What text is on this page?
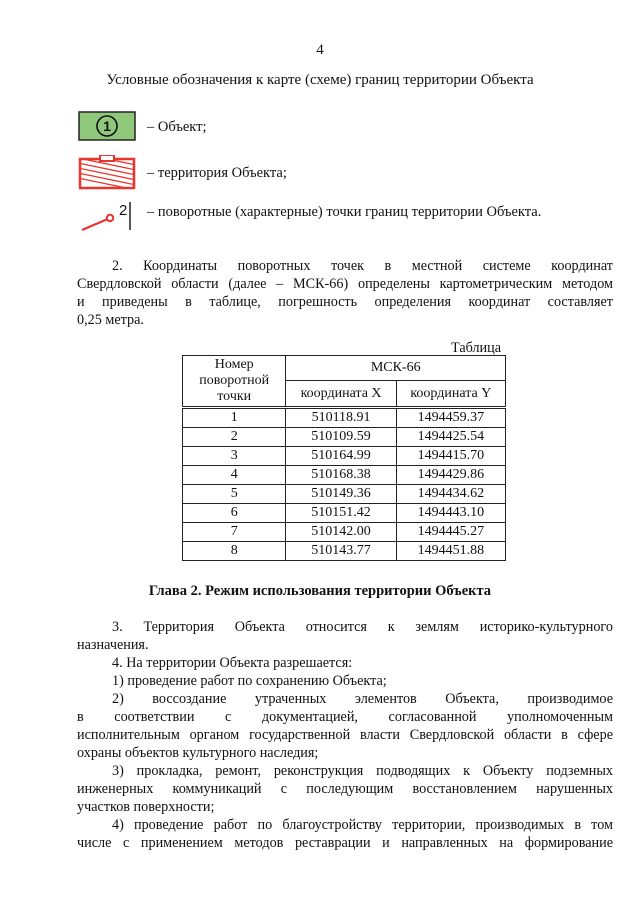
4
Условные обозначения к карте (схеме) границ территории Объекта
1 – Объект;
– территория Объекта;
2 – поворотные (характерные) точки границ территории Объекта.
2. Координаты поворотных точек в местной системе координат
Свердловской области (далее – МСК-66) определены картометрическим методом
и приведены в таблице, погрешность определения координат составляет
0,25 метра.
Таблица
Номер поворотной точки	МСК-66	
	координата X	координата Y
1	510118.91	1494459.37
2	510109.59	1494425.54
3	510164.99	1494415.70
4	510168.38	1494429.86
5	510149.36	1494434.62
6	510151.42	1494443.10
7	510142.00	1494445.27
8	510143.77	1494451.88
Глава 2. Режим использования территории Объекта
3. Территория Объекта относится к землям историко-культурного
назначения.
4. На территории Объекта разрешается:
1) проведение работ по сохранению Объекта;
2) воссоздание утраченных элементов Объекта, производимое
в соответствии с документацией, согласованной уполномоченным
исполнительным органом государственной власти Свердловской области в сфере
охраны объектов культурного наследия;
3) прокладка, ремонт, реконструкция подводящих к Объекту подземных
инженерных коммуникаций с последующим восстановлением нарушенных
участков поверхности;
4) проведение работ по благоустройству территории, производимых в том
числе с применением методов реставрации и направленных на формирование
